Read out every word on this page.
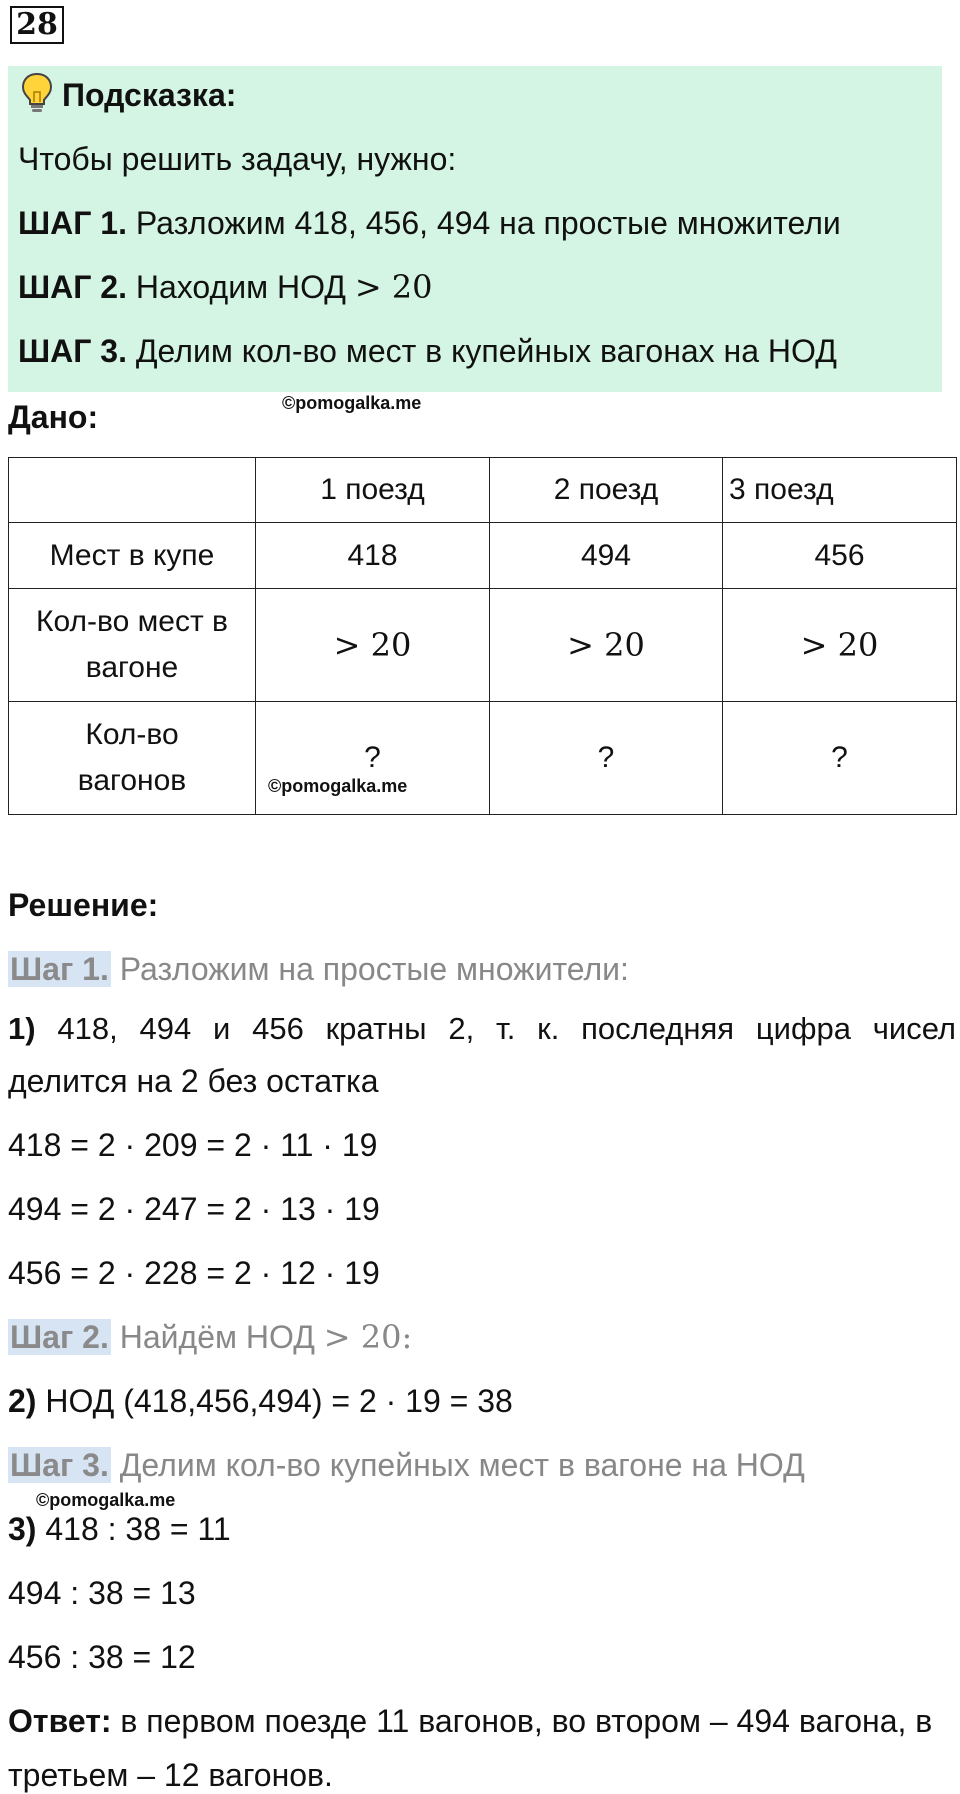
28
Подсказка:
Чтобы решить задачу, нужно:
ШАГ 1. Разложим 418, 456, 494 на простые множители
ШАГ 2. Находим НОД > 20
ШАГ 3. Делим кол-во мест в купейных вагонах на НОД
Дано:	©pomogalka.me
	1 поезд	2 поезд	3 поезд
Мест в купе	418	494	456

Кол-во мест в
вагоне	> 20	> 20	> 20

Кол-во
вагонов	?	?	?
©pomogalka.me
Решение:
Шаг 1. Разложим на простые множители:
1) 418, 494 и 456 кратны 2, т. к. последняя цифра чисел
делится на 2 без остатка
418 = 2 · 209 = 2 · 11 · 19
494 = 2 · 247 = 2 · 13 · 19
456 = 2 · 228 = 2 · 12 · 19
Шаг 2. Найдём НОД > 20:
2) НОД (418,456,494) = 2 · 19 = 38
Шаг 3. Делим кол-во купейных мест в вагоне на НОД
©pomogalka.me
3) 418 : 38 = 11
494 : 38 = 13
456 : 38 = 12
Ответ: в первом поезде 11 вагонов, во втором – 494 вагона, в
третьем – 12 вагонов.
